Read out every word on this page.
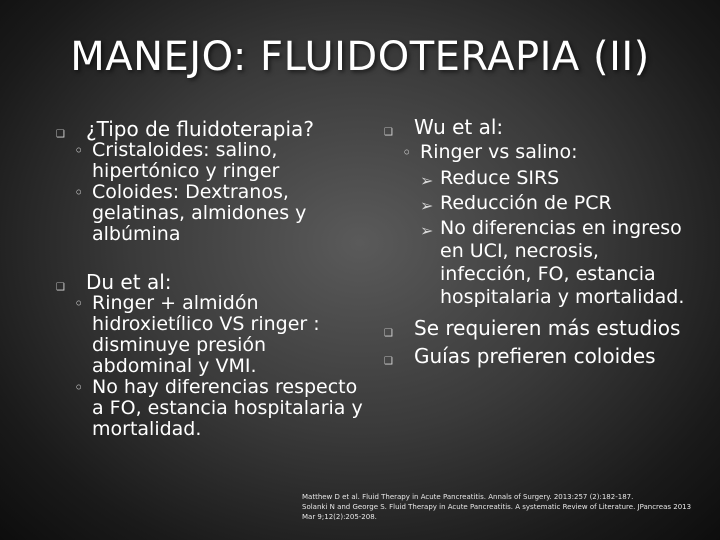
MANEJO: FLUIDOTERAPIA (II)
❑ ¿Tipo de fluidoterapia?
◦ Cristaloides: salino, hipertónico y ringer
◦ Coloides: Dextranos, gelatinas, almidones y albúmina
❑ Du et al:
◦ Ringer + almidón hidroxietílico VS ringer : disminuye presión abdominal y VMI.
◦ No hay diferencias respecto a FO, estancia hospitalaria y mortalidad.
❑ Wu et al:
◦ Ringer vs salino:
➢ Reduce SIRS
➢ Reducción de PCR
➢ No diferencias en ingreso en UCI, necrosis, infección, FO, estancia hospitalaria y mortalidad.
❑ Se requieren más estudios
❑ Guías prefieren coloides
Matthew D et al. Fluid Therapy in Acute Pancreatitis. Annals of Surgery. 2013:257 (2):182-187.
Solanki N and George S. Fluid Therapy in Acute Pancreatitis. A systematic Review of Literature. JPancreas 2013 Mar 9;12(2):205-208.
